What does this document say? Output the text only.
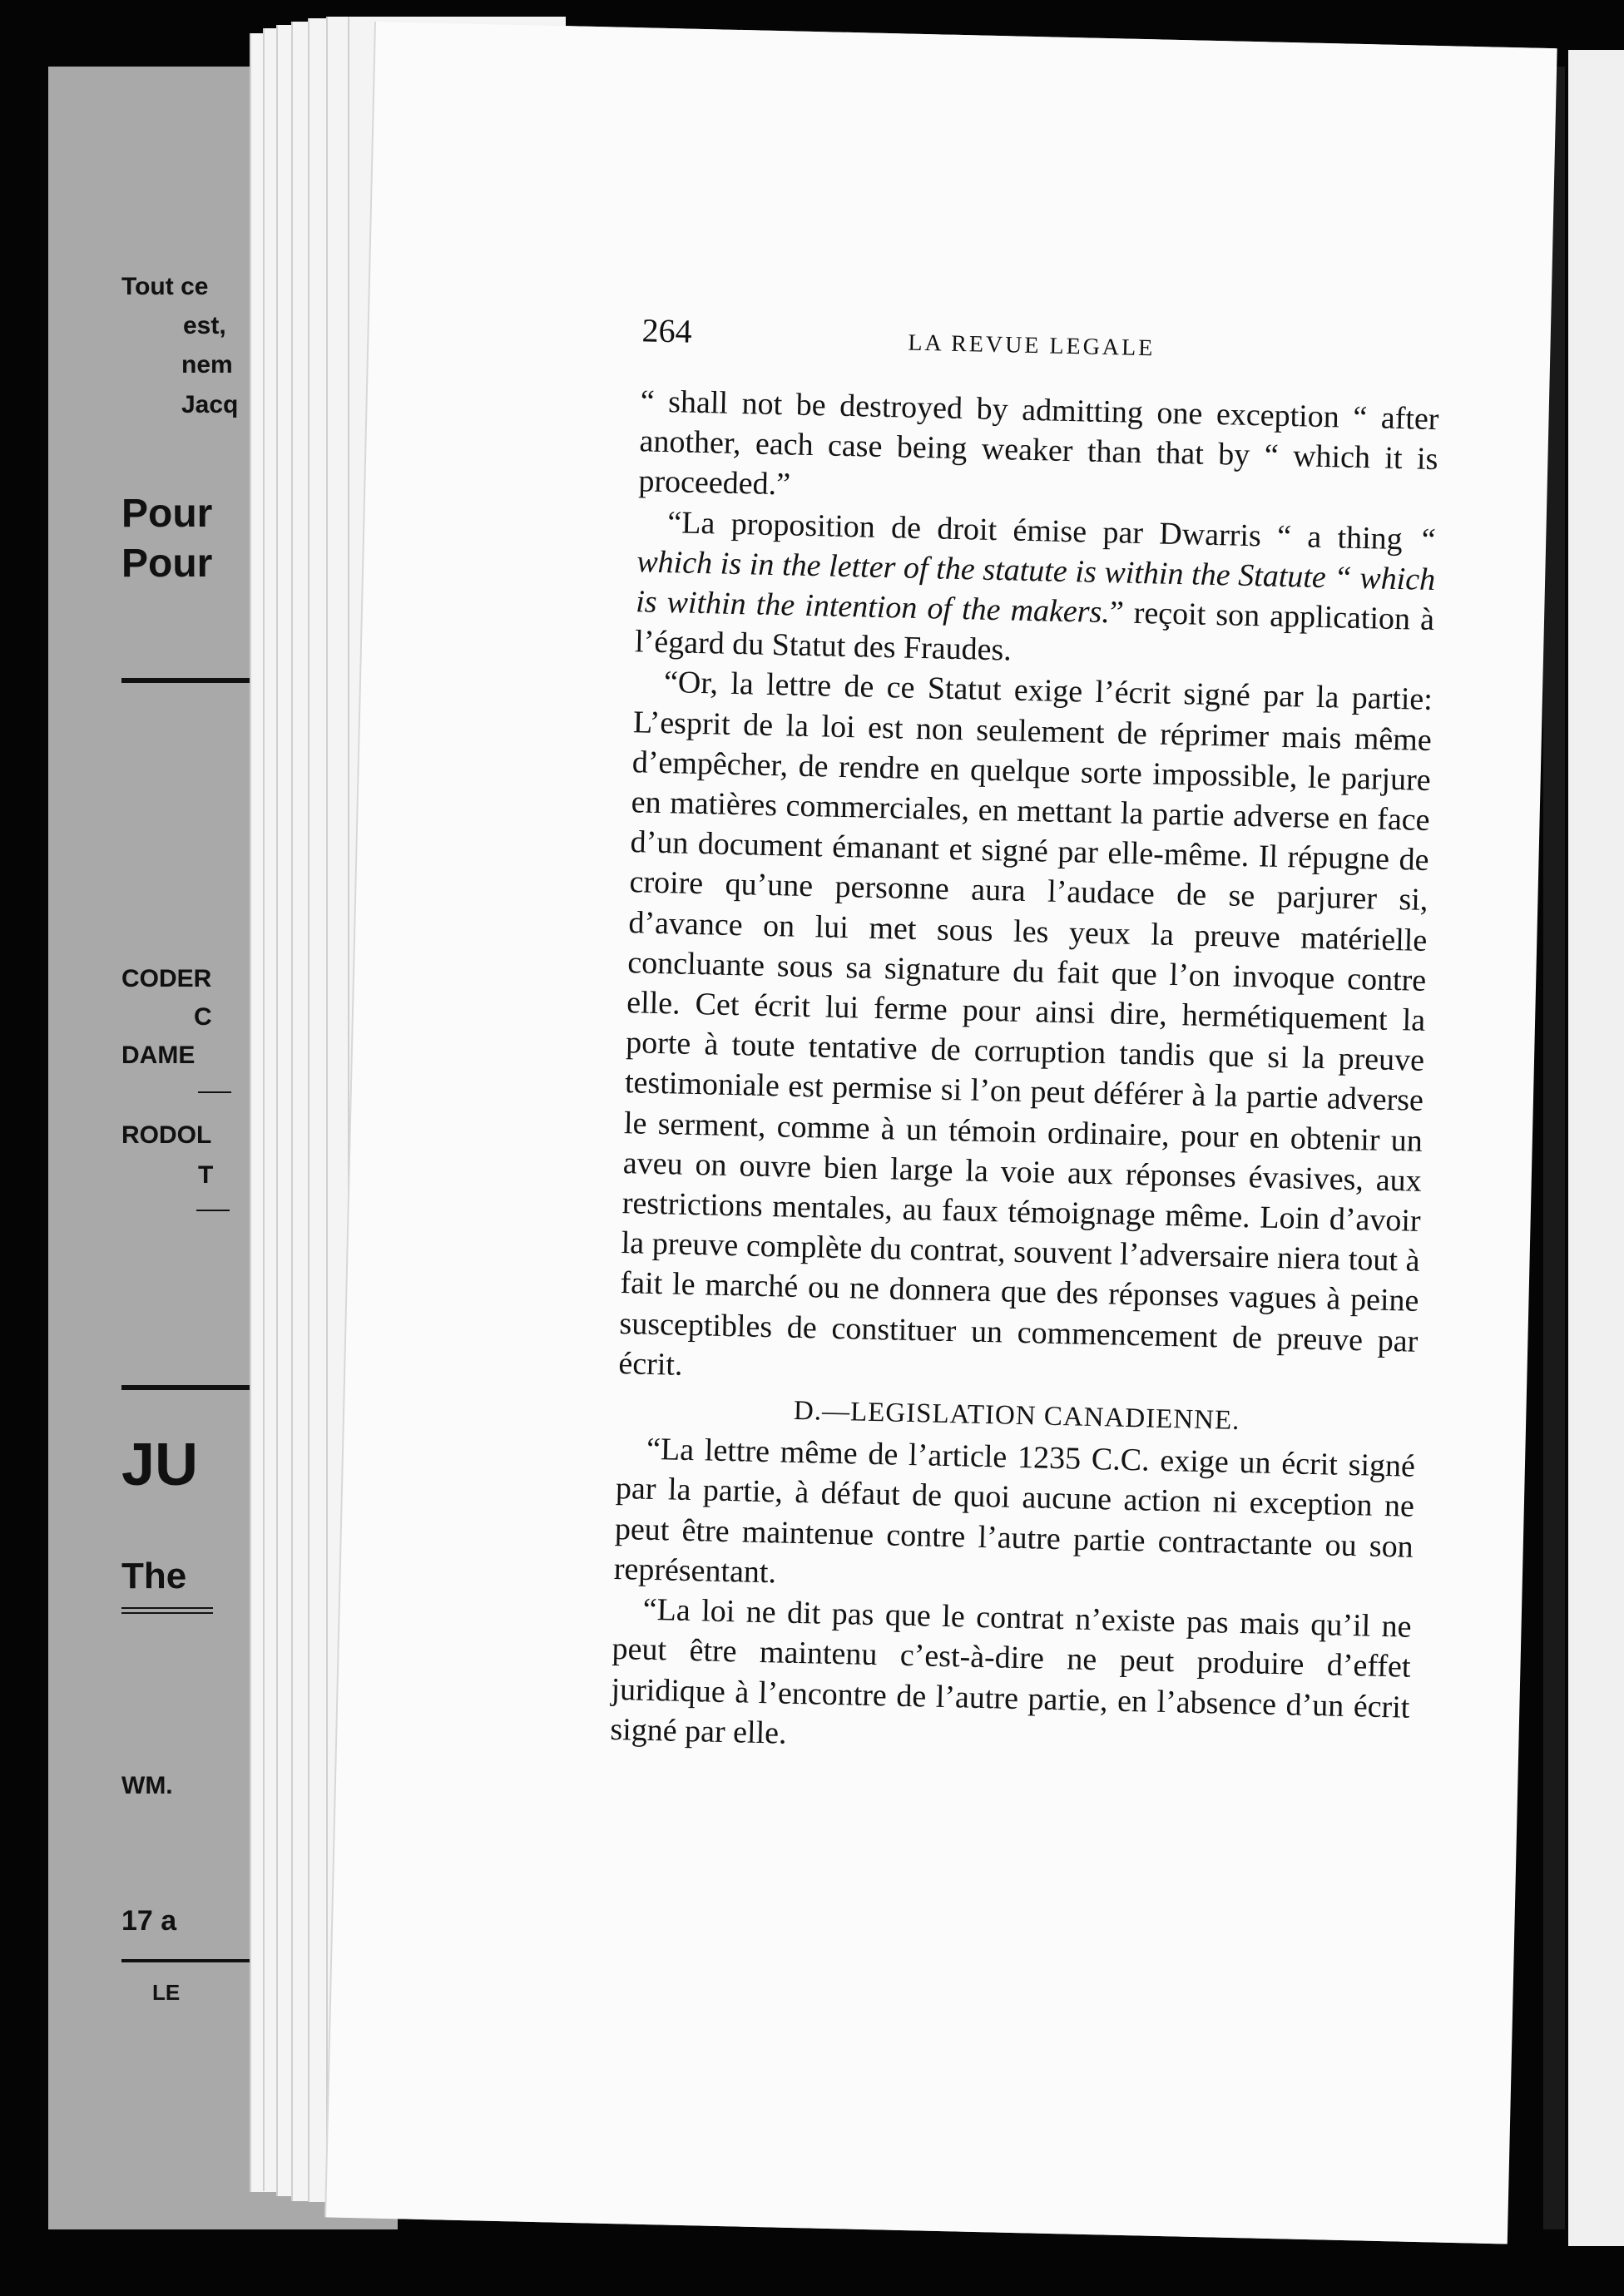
Tout ce
est,
nem
Jacq
Pour
Pour
CODER
C
DAME
RODOL
T
JU
The
WM.
17 a
LE
264	LA REVUE LEGALE

“ shall not be destroyed by admitting one exception “ after another, each case being weaker than that by “ which it is proceeded.”

“La proposition de droit émise par Dwarris “ a thing “ which is in the letter of the statute is within the Statute “ which is within the intention of the makers.” reçoit son application à l’égard du Statut des Fraudes.

“Or, la lettre de ce Statut exige l’écrit signé par la partie: L’esprit de la loi est non seulement de réprimer mais même d’empêcher, de rendre en quelque sorte impossible, le parjure en matières commerciales, en mettant la partie adverse en face d’un document émanant et signé par elle-même. Il répugne de croire qu’une personne aura l’audace de se parjurer si, d’avance on lui met sous les yeux la preuve matérielle concluante sous sa signature du fait que l’on invoque contre elle. Cet écrit lui ferme pour ainsi dire, hermétiquement la porte à toute tentative de corruption tandis que si la preuve testimoniale est permise si l’on peut déférer à la partie adverse le serment, comme à un témoin ordinaire, pour en obtenir un aveu on ouvre bien large la voie aux réponses évasives, aux restrictions mentales, au faux témoignage même. Loin d’avoir la preuve complète du contrat, souvent l’adversaire niera tout à fait le marché ou ne donnera que des réponses vagues à peine susceptibles de constituer un commencement de preuve par écrit.

D.—LEGISLATION CANADIENNE.

“La lettre même de l’article 1235 C.C. exige un écrit signé par la partie, à défaut de quoi aucune action ni exception ne peut être maintenue contre l’autre partie contractante ou son représentant.

“La loi ne dit pas que le contrat n’existe pas mais qu’il ne peut être maintenu c’est-à-dire ne peut produire d’effet juridique à l’encontre de l’autre partie, en l’absence d’un écrit signé par elle.
